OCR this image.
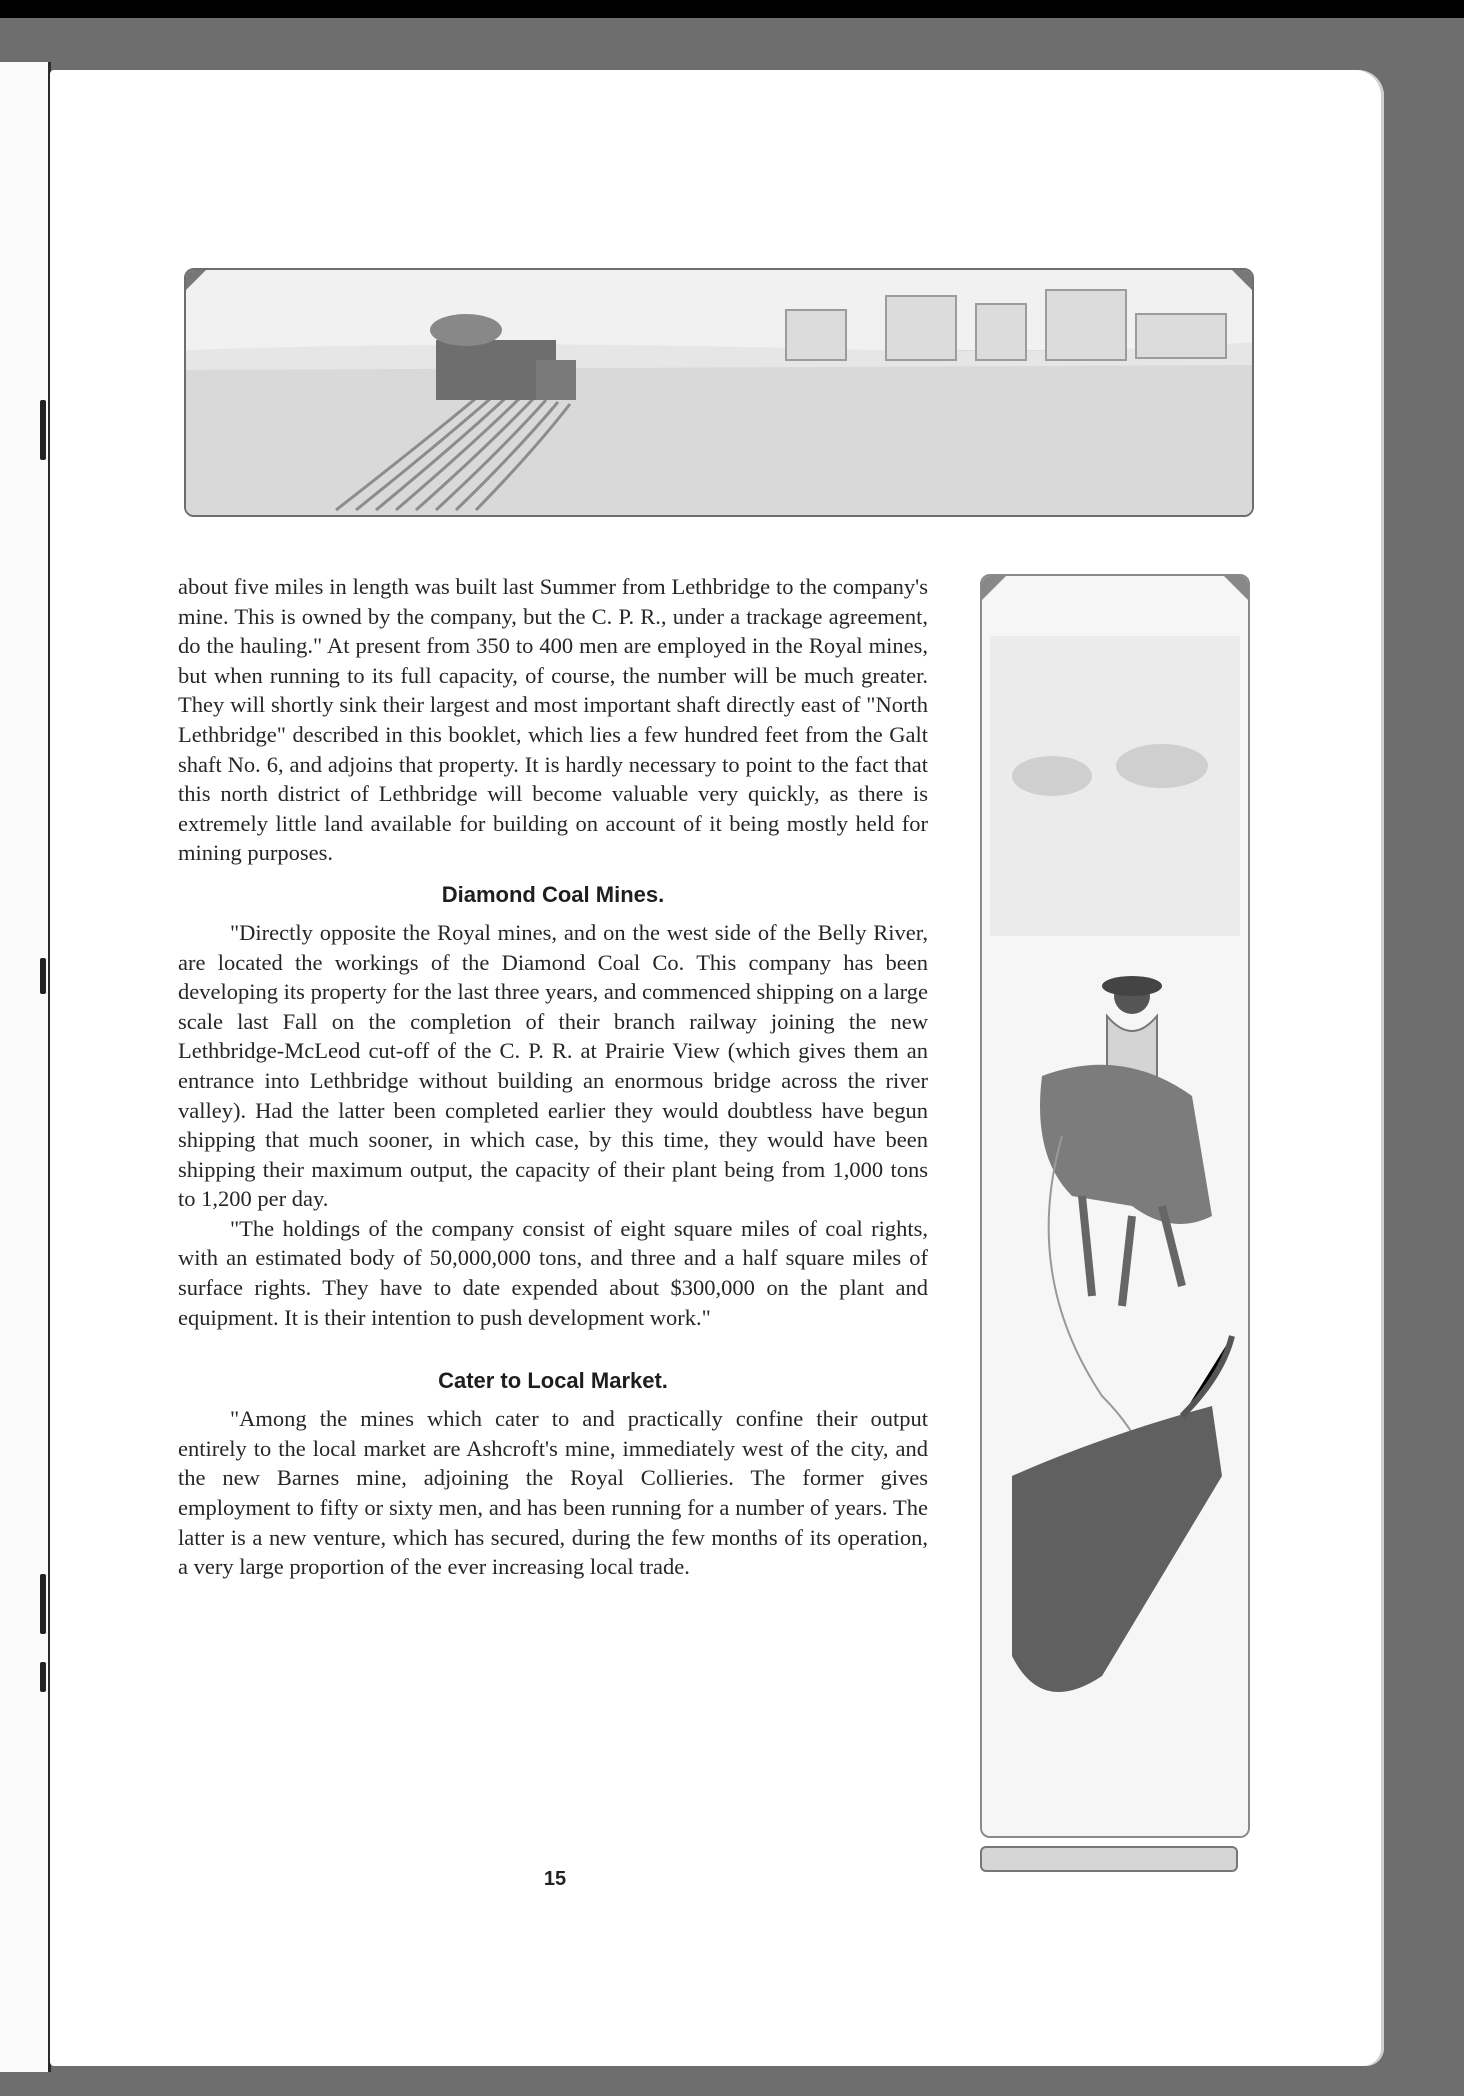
about five miles in length was built last Summer from Lethbridge to the company's mine. This is owned by the company, but the C. P. R., under a trackage agreement, do the hauling." At present from 350 to 400 men are employed in the Royal mines, but when running to its full capacity, of course, the number will be much greater. They will shortly sink their largest and most important shaft directly east of "North Lethbridge" described in this booklet, which lies a few hundred feet from the Galt shaft No. 6, and adjoins that property. It is hardly necessary to point to the fact that this north district of Lethbridge will become valuable very quickly, as there is extremely little land available for building on account of it being mostly held for mining purposes.

Diamond Coal Mines.

"Directly opposite the Royal mines, and on the west side of the Belly River, are located the workings of the Diamond Coal Co. This company has been developing its property for the last three years, and commenced shipping on a large scale last Fall on the completion of their branch railway joining the new Lethbridge-McLeod cut-off of the C. P. R. at Prairie View (which gives them an entrance into Lethbridge without building an enormous bridge across the river valley). Had the latter been completed earlier they would doubtless have begun shipping that much sooner, in which case, by this time, they would have been shipping their maximum output, the capacity of their plant being from 1,000 tons to 1,200 per day.

"The holdings of the company consist of eight square miles of coal rights, with an estimated body of 50,000,000 tons, and three and a half square miles of surface rights. They have to date expended about $300,000 on the plant and equipment. It is their intention to push development work."

Cater to Local Market.

"Among the mines which cater to and practically confine their output entirely to the local market are Ashcroft's mine, immediately west of the city, and the new Barnes mine, adjoining the Royal Collieries. The former gives employment to fifty or sixty men, and has been running for a number of years. The latter is a new venture, which has secured, during the few months of its operation, a very large proportion of the ever increasing local trade.

15
